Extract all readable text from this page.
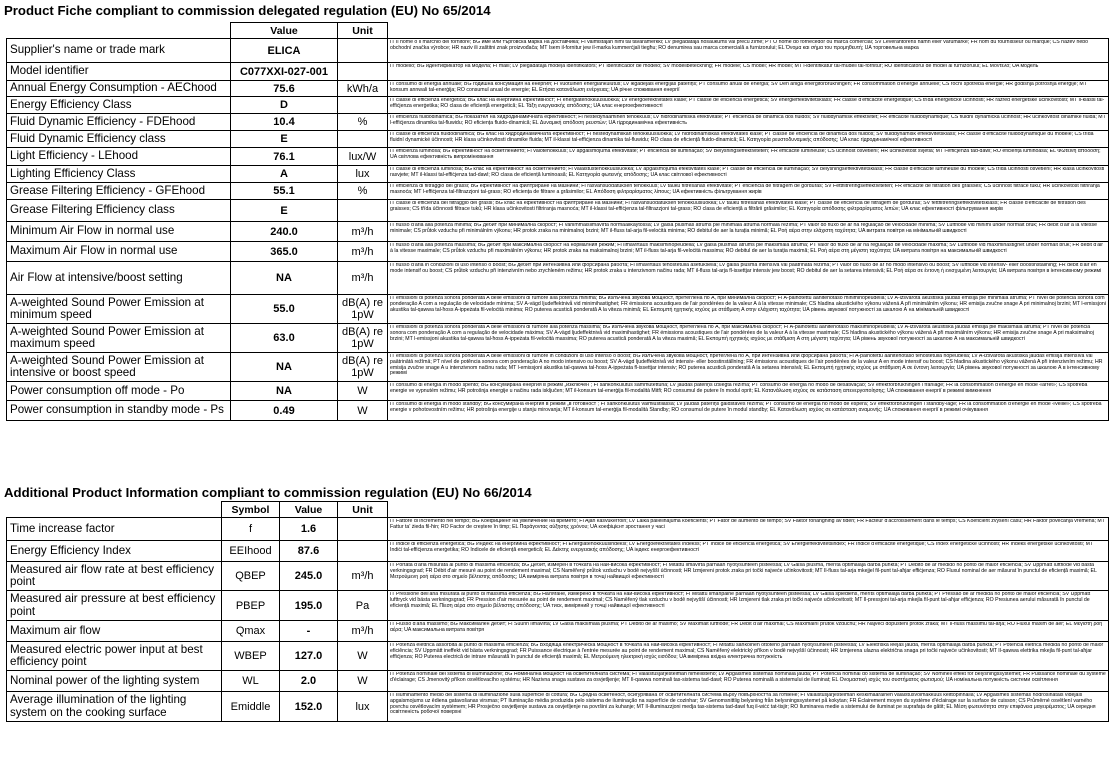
Product Fiche compliant to commission delegated regulation (EU) No 65/2014
	Value	Unit	
Supplier's name or trade mark	ELICA		IT Il nome o il marchio del fornitore; BG име или търговска марка на доставчика; FI valmistajan nimi tai tavaramerkki; LV piegādātāja nosaukums vai preču zīme; PT O nome do fornecedor ou marca comercial; SV Leverantörens namn eller varumärke; FR nom du fournisseur ou marque; CS název nebo obchodní značka výrobce; HR naziv ili zaštitni znak proizvođača; MT Isem il-fornitur jew il-marka kummerċjali tiegħu; RO denumirea sau marca comercială a furnizorului; EL Όνομα και σήμα του προμηθευτή; UA торговельна марка

Model identifier	C077XXI-027-001		IT modello; BG идентификатор на модела; FI malli; LV piegādātāja modeļa identifikators; PT identificador de modelo; SV modellbeteckning; FR modèle; CS model; HR model; MT l-identifikatur tal-mudell tal-fornitur; RO identificatorul de model al furnizorului; EL Μοντέλο; UA модель

Annual Energy Consumption - AEChood	75.6	kWh/a	IT consumo di energia annuale; BG годишна консумация на енергия; FI vuotuinen energiankulutus; LV ikgadējais enerģijas patēriņš; PT consumo anual de energia; SV Den årliga energiförbrukningen; FR consommation d'énergie annuelle; CS roční spotřeba energie; HR godišnja potrošnja energije; MT konsum annwali tal-enerġija; RO consumul anual de energie; EL Ετήσια κατανάλωση ενέργειας; UA річне споживання енергії

Energy Efficiency Class	D		IT classe di efficienza energetica; BG клас на енергийна ефективност; FI energiatehokkuusluokka; LV energoefektivitātes klase; PT classe de eficiência energética; SV energieffektivitetsklass; FR classe d'efficacité énergétique; CS třída energetické účinnosti; HR razred energetske učinkovitosti; MT il-klassi tal-effiċjenza enerġetika; RO clasa de eficiență energetică; EL Τάξη ενεργειακής απόδοσης; UA клас енергоефективності

Fluid Dynamic Efficiency - FDEhood	10.4	%	IT efficienza fluidodinamica; BG показател на хидродинамичната ефективност; FI nestedynaaminen tehokkuus; LV hidrodinamiskā efektivitāte; PT eficiência de dinâmica dos fluidos; SV fluiddynamisk effektivitet; FR efficacité fluidodynamique; CS fluidní dynamická účinnost; HR učinkovitost dinamike fluida; MT l-effiċjenza dinamika tal-fluwidu; RO eficiența fluido-dinamică; EL Δυναμική απόδοση ρευστών; UA гідродинамічна ефективність

Fluid Dynamic Efficiency class	E		IT classe di efficienza fluidodinamica; BG клас на хидродинамичната ефективност; FI nestedynamiikan tehokkuusluokka; LV hidrodinamiskās efektivitātes klase; PT classe de eficiência de dinâmica dos fluidos; SV fluiddynamisk effektivitetsklass; FR classe d'efficacité fluidodynamique du modèle; CS třída fluidní dynamické účinnosti; HR klasa učinkovitosti dinamike fluida; MT il-klassi tal-effiċjenza dinamika tal-fluwidu; RO clasa de eficiență fluido-dinamică; EL Κατηγορία ρευστοδυναμικής απόδοσης; UA клас гідродинамічної ефективності

Light Efficiency - LEhood	76.1	lux/W	IT efficienza luminosa; BG ефективност на осветлението; FI valotehokkuus; LV apgaismojuma efektivitāte; PT eficiência de iluminação; SV Belysningseffektiviteten; FR efficacité lumineuse; CS účinnost osvětlení; HR učinkovitost svjetla; MT l-effiċjenza tad-dawl; RO eficiența luminoasă; EL Φωτεινή απόδοση; UA світлова ефективність випромінювання

Lighting Efficiency Class	A	lux	IT classe di efficienza luminosa; BG клас на ефективност на осветлението; FI valaistustehokkuusluokka; LV apgaismojuma efektivitātes klase; PT classe de eficiência de iluminação; SV belysningseffektivitetsklass; FR classe d'efficacité lumineuse du modèle; CS třída účinnosti osvětlení; HR klasa učinkovitosti rasvjete; MT il-klassi tal-effiċjenza tad-dawl; RO clasa de eficiență luminoasă; EL Κατηγορία φωτεινής απόδοσης; UA клас світлової ефективності

Grease Filtering Efficiency - GFEhood	55.1	%	IT efficienza di filtraggio dei grassi; BG ефективност на филтриране на мазнини; FI rasvansuodatuksen tehokkuus; LV tauku filtrēšanas efektivitāte; PT eficiência de filtragem de gorduras; SV Fettfiltreringseffektiviteten; FR efficacité de filtration des graisses; CS účinnost filtrace tuků; HR učinkovitost filtriranja masnoća; MT l-effiċjenza tal-filtrazzjoni tal-grass; RO eficiența de filtrare a grăsimilor; EL Απόδοση φιλτραρίσματος λίπους; UA ефективність фільтрування жирів

Grease Filtering Efficiency class	E		IT classe di efficienza del filtraggio dei grassi; BG клас на ефективност на филтриране на мазнини; FI rasvansuodatuksen tehokkuusluokka; LV tauku filtrēšanas efektivitātes klase; PT classe de eficiência de filtragem de gorduras; SV fettfiltreringseffektivitetsklass; FR classe d'efficacité de filtration des graisses; CS třída účinnosti filtrace tuků; HR klasa učinkovitosti filtriranja masnoća; MT il-klassi tal-effiċjenza tal-filtrazzjoni tal-grass; RO clasa de eficiență a filtrării grăsimilor; EL Κατηγορία απόδοσης φιλτραρίσματος λιπών; UA клас ефективності фільтрування жирів

Minimum Air Flow in normal use	240.0	m³/h	IT flusso d'aria alla potenza minima; BG дебит при минимална скорост; FI vähimmäisilmavirta normaalikäytössä; LV gaisa plūsmas ātrums pie minimālā ātruma normālā režīmā; PT valor do fluxo de ar na regulação de velocidade mínima; SV Luftflöde vid minimi under normalt bruk; FR débit d'air à la vitesse minimale; CS průtok vzduchu při minimálním výkonu; HR protok zraka na minimalnoj brzini; MT il-fluss tal-arja fil-veloċità minima; RO debitul de aer la turația minimă; EL Ροή αέρα στην ελάχιστη ταχύτητα; UA витрата повітря на мінімальній швидкості

Maximum Air Flow in normal use	365.0	m³/h	IT flusso d'aria alla potenza massima; BG дебит при максимална скорост на нормалния режим; FI ilmavirtaus maksiminopeudella; LV gaisa plūsmas ātrums pie maksimālā ātruma; PT valor do fluxo de ar na regulação de velocidade máxima; SV Luftflöde vid maximihastighet under normalt bruk; FR débit d'air à la vitesse maximale; CS průtok vzduchu při maximálním výkonu; HR protok zraka na maksimalnoj brzini; MT il-fluss tal-arja fil-veloċità massima; RO debitul de aer la turația maximă; EL Ροή αέρα στη μέγιστη ταχύτητα; UA витрата повітря на максимальній швидкості

Air Flow at intensive/boost setting	NA	m³/h	IT flusso d'aria in condizioni di uso intenso o boost; BG дебит при интензивна или форсирана работа; FI ilmavirtaus tehostetulla asetuksella; LV gaisa plūsma intensīvā vai paātrinātā režīmā; PT valor do fluxo de ar no modo intensivo ou boost; SV luftflöde vid intensiv- eller boostinställning; FR débit d'air en mode intensif ou boost; CS průtok vzduchu při intenzivním nebo zrychleném režimu; HR protok zraka u intenzivnom načinu rada; MT il-fluss tal-arja fl-issettjar intensiv jew boost; RO debitul de aer la setarea intensivă; EL Ροή αέρα σε έντονη ή ενισχυμένη λειτουργία; UA витрата повітря в інтенсивному режимі

A-weighted Sound Power Emission at minimum speed	55.0	dB(A) re 1pW	IT emissioni di potenza sonora ponderata A delle emissioni di rumore alla potenza minima; BG излъчена звукова мощност, претеглена по А, при минимална скорост; FI A-painotettu äänitehotaso miniminopeudella; LV A-izsvarotā akustiskā jaudas emisija pie minimālā ātruma; PT nível de potência sonora com ponderação A com a regulação de velocidade mínima; SV A-vägd ljudeffektnivå vid minimihastighet; FR émissions acoustiques de l'air pondérées de la valeur A à la vitesse minimale; CS hladina akustického výkonu vážená A při minimálním výkonu; HR emisija zvučne snage A pri minimalnoj brzini; MT l-emissjoni akustika tal-qawwa tal-ħoss A-ippeżata fil-veloċità minima; RO puterea acustică ponderată A la viteza minimă; EL Εκπομπή ηχητικής ισχύος με στάθμιση A στην ελάχιστη ταχύτητα; UA рівень звукової потужності за шкалою А на мінімальній швидкості

A-weighted Sound Power Emission at maximum speed	63.0	dB(A) re 1pW	IT emissioni di potenza sonora ponderata A delle emissioni di rumore alla potenza massima; BG излъчена звукова мощност, претеглена по А, при максимална скорост; FI A-painotettu äänitehotaso maksiminopeudella; LV A-izsvarotā akustiskā jaudas emisija pie maksimālā ātruma; PT nível de potência sonora com ponderação A com a regulação de velocidade máxima; SV A-vägd ljudeffektnivå vid maximihastighet; FR émissions acoustiques de l'air pondérées de la valeur A à la vitesse maximale; CS hladina akustického výkonu vážená A při maximálním výkonu; HR emisija zvučne snage A pri maksimalnoj brzini; MT l-emissjoni akustika tal-qawwa tal-ħoss A-ippeżata fil-veloċità massima; RO puterea acustică ponderată A la viteza maximă; EL Εκπομπή ηχητικής ισχύος με στάθμιση A στη μέγιστη ταχύτητα; UA рівень звукової потужності за шкалою А на максимальній швидкості

A-weighted Sound Power Emission at intensive or boost speed	NA	dB(A) re 1pW	IT emissioni di potenza sonora ponderata A delle emissioni di rumore in condizioni di uso intenso o boost; BG излъчена звукова мощност, претеглена по А, при интензивна или форсирана работа; FI A-painotettu äänitehotaso tehostetulla nopeudella; LV A-izsvarotā akustiskā jaudas emisija intensīvā vai paātrinātā režīmā; PT nível de potência sonora com ponderação A no modo intensivo ou boost; SV A-vägd ljudeffektnivå vid intensiv- eller boostinställning; FR émissions acoustiques de l'air pondérées de la valeur A en mode intensif ou boost; CS hladina akustického výkonu vážená A při intenzivním režimu; HR emisija zvučne snage A u intenzivnom načinu rada; MT l-emissjoni akustika tal-qawwa tal-ħoss A-ippeżata fl-issettjar intensiv; RO puterea acustică ponderată A la setarea intensivă; EL Εκπομπή ηχητικής ισχύος με στάθμιση A σε έντονη λειτουργία; UA рівень звукової потужності за шкалою А в інтенсивному режимі

Power consumption off mode - Po	NA	W	IT consumo di energia in modo spento; BG консумирана енергия в режим „изключен“; FI sähkönkulutus sammutettuna; LV jaudas patēriņš izslēgtā režīmā; PT consumo de energia no modo de desativação; SV effektförbrukningen i frånläge; FR la consommation d'énergie en mode «arrêt»; CS spotřeba energie ve vypnutém režimu; HR potrošnja energije u načinu rada isključen; MT il-konsum tal-enerġija fil-modalità Mitfi; RO consumul de putere în modul oprit; EL Κατανάλωση ισχύος σε κατάσταση απενεργοποίησης; UA споживання енергії в режимі вимкнення

Power consumption in standby mode - Ps	0.49	W	IT consumo di energia in modo standby; BG консумирана енергия в режим „в готовност“; FI sähkönkulutus valmiustilassa; LV jaudas patēriņš gaidstāves režīmā; PT consumo de energia no modo de espera; SV effektförbrukningen i standby-läge; FR la consommation d'énergie en mode «veille»; CS spotřeba energie v pohotovostním režimu; HR potrošnja energije u stanju mirovanja; MT il-konsum tal-enerġija fil-modalità Standby; RO consumul de putere în modul standby; EL Κατανάλωση ισχύος σε κατάσταση αναμονής; UA споживання енергії в режимі очікування
Additional Product Information compliant to commission regulation (EU) No 66/2014
	Symbol	Value	Unit	
Time increase factor	f	1.6		IT Fattore di incremento nel tempo; BG Коефициент на увеличение на времето; FI Ajan kasvukerroin; LV Laika palielinājuma koeficients; PT Fator de aumento de tempo; SV Faktor förlängning av tiden; FR Facteur d'accroissement dans le temps; CS Koeficient zvýšení času; HR Faktor povećanja vremena; MT Fattur ta' żieda fil-ħin; RO Factor de creștere în timp; EL Παράγοντας αύξησης χρόνου; UA коефіцієнт зростання у часі

Energy Efficiency Index	EEIhood	87.6		IT Indice di efficienza energetica; BG Индекс на енергийна ефективност; FI Energiatehokkuusindeksi; LV Energoefektivitātes indekss; PT Índice de eficiência energética; SV Energieffektivitetsindex; FR Indice d'efficacité énergétique; CS Index energetické účinnosti; HR Indeks energetske učinkovitosti; MT Indiċi tal-effiċjenza enerġetika; RO Indicele de eficiență energetică; EL Δείκτης ενεργειακής απόδοσης; UA індекс енергоефективності

Measured air flow rate at best efficiency point	QBEP	245.0	m³/h	IT Portata d'aria misurata al punto di massima efficienza; BG Дебит, измерен в точката на най-висока ефективност; FI Mitattu ilmavirta parhaan hyötysuhteen pisteessä; LV Gaisa plūsma, mērīta optimālajā darba punktā; PT Débito de ar medido no ponto de maior eficiência; SV Uppmätt luftflöde vid bästa verkningsgrad; FR Débit d'air mesuré au point de rendement maximal; CS Naměřený průtok vzduchu v bodě nejvyšší účinnosti; HR Izmjereni protok zraka pri točki najveće učinkovitosti; MT Il-fluss tal-arja mkejjel fil-punt tal-aħjar effiċjenza; RO Fluxul nominal de aer măsurat în punctul de eficiență maximă; EL Μετρούμενη ροή αέρα στο σημείο βέλτιστης απόδοσης; UA виміряна витрата повітря в точці найвищої ефективності

Measured air pressure at best efficiency point	PBEP	195.0	Pa	IT Pressione dell'aria misurata al punto di massima efficienza; BG Налягане, измерено в точката на най-висока ефективност; FI Mitattu ilmanpaine parhaan hyötysuhteen pisteessä; LV Gaisa spiediens, mērīts optimālajā darba punktā; PT Pressão de ar medida no ponto de maior eficiência; SV Uppmätt lufttryck vid bästa verkningsgrad; FR Pression d'air mesurée au point de rendement maximal; CS Naměřený tlak vzduchu v bodě nejvyšší účinnosti; HR Izmjereni tlak zraka pri točki najveće učinkovitosti; MT Il-pressjoni tal-arja mkejla fil-punt tal-aħjar effiċjenza; RO Presiunea aerului măsurată în punctul de eficiență maximă; EL Πίεση αέρα στο σημείο βέλτιστης απόδοσης; UA тиск, виміряний у точці найвищої ефективності

Maximum air flow	Qmax	-	m³/h	IT Flusso d'aria massimo; BG Максимален дебит; FI Suurin ilmavirta; LV Gaisa maksimālā plūsma; PT Débito de ar máximo; SV Maximalt luftflöde; FR Débit d'air maximal; CS Maximální průtok vzduchu; HR Najveći dopušteni protok zraka; MT Il-fluss massimu tal-arja; RO Fluxul maxim de aer; EL Μέγιστη ροή αέρα; UA максимальна витрата повітря

Measured electric power input at best efficiency point	WBEP	127.0	W	IT Potenza elettrica assorbita al punto di massima efficienza; BG Входяща електрическа мощност в точката на най-висока ефективност; FI Mitattu sähköinen ottoteho parhaan hyötysuhteen pisteessä; LV Elektriskā ieejas jauda, mērīta optimālajā darba punktā; PT Potência elétrica medida no ponto de maior eficiência; SV Uppmätt ineffekt vid bästa verkningsgrad; FR Puissance électrique à l'entrée mesurée au point de rendement maximal; CS Naměřený elektrický příkon v bodě nejvyšší účinnosti; HR Izmjerena ulazna električna snaga pri točki najveće učinkovitosti; MT Il-qawwa elettrika mkejla fil-punt tal-aħjar effiċjenza; RO Puterea electrică de intrare măsurată în punctul de eficiență maximă; EL Μετρούμενη ηλεκτρική ισχύς εισόδου; UA виміряна вхідна електрична потужність

Nominal power of the lighting system	WL	2.0	W	IT Potenza nominale del sistema di illuminazione; BG Номинална мощност на осветителната система; FI Valaistusjärjestelmän nimellisteho; LV Apgaismes sistēmas nominālā jauda; PT Potência nominal do sistema de iluminação; SV Nominell effekt för belysningssystemet; FR Puissance nominale du système d'éclairage; CS Jmenovitý příkon osvětlovacího systému; HR Nazivna snaga sustava za osvjetljenje; MT Il-qawwa nominali tas-sistema tad-dawl; RO Puterea nominală a sistemului de iluminat; EL Ονομαστική ισχύς του συστήματος φωτισμού; UA номінальна потужність системи освітлення

Average illumination of the lighting system on the cooking surface	Emiddle	152.0	lux	IT Illuminamento medio del sistema di illuminazione sulla superficie di cottura; BG Средна осветеност, осигурявана от осветителната система върху повърхността за готвене; FI Valaistusjärjestelmän keskimääräinen valaistusvoimakkuus keittopinnalla; LV Apgaismes sistēmas nodrošinātais vidējais apgaismojums uz ēdiena gatavošanas virsmas; PT Iluminação média produzida pelo sistema de iluminação na superfície de cozinhar; SV Genomsnittlig belysning från belysningssystemet på kokytan; FR Éclairement moyen du système d'éclairage sur la surface de cuisson; CS Průměrné osvětlení varného povrchu osvětlovacím systémem; HR Prosječno osvjetljenje sustava za osvjetljenje na površini za kuhanje; MT Il-illuminazzjoni medja tas-sistema tad-dawl fuq il-wiċċ tat-tisjir; RO Iluminarea medie a sistemului de iluminat pe suprafața de gătit; EL Μέση φωτεινότητα στην επιφάνεια μαγειρέματος; UA середня освітленість робочої поверхні
